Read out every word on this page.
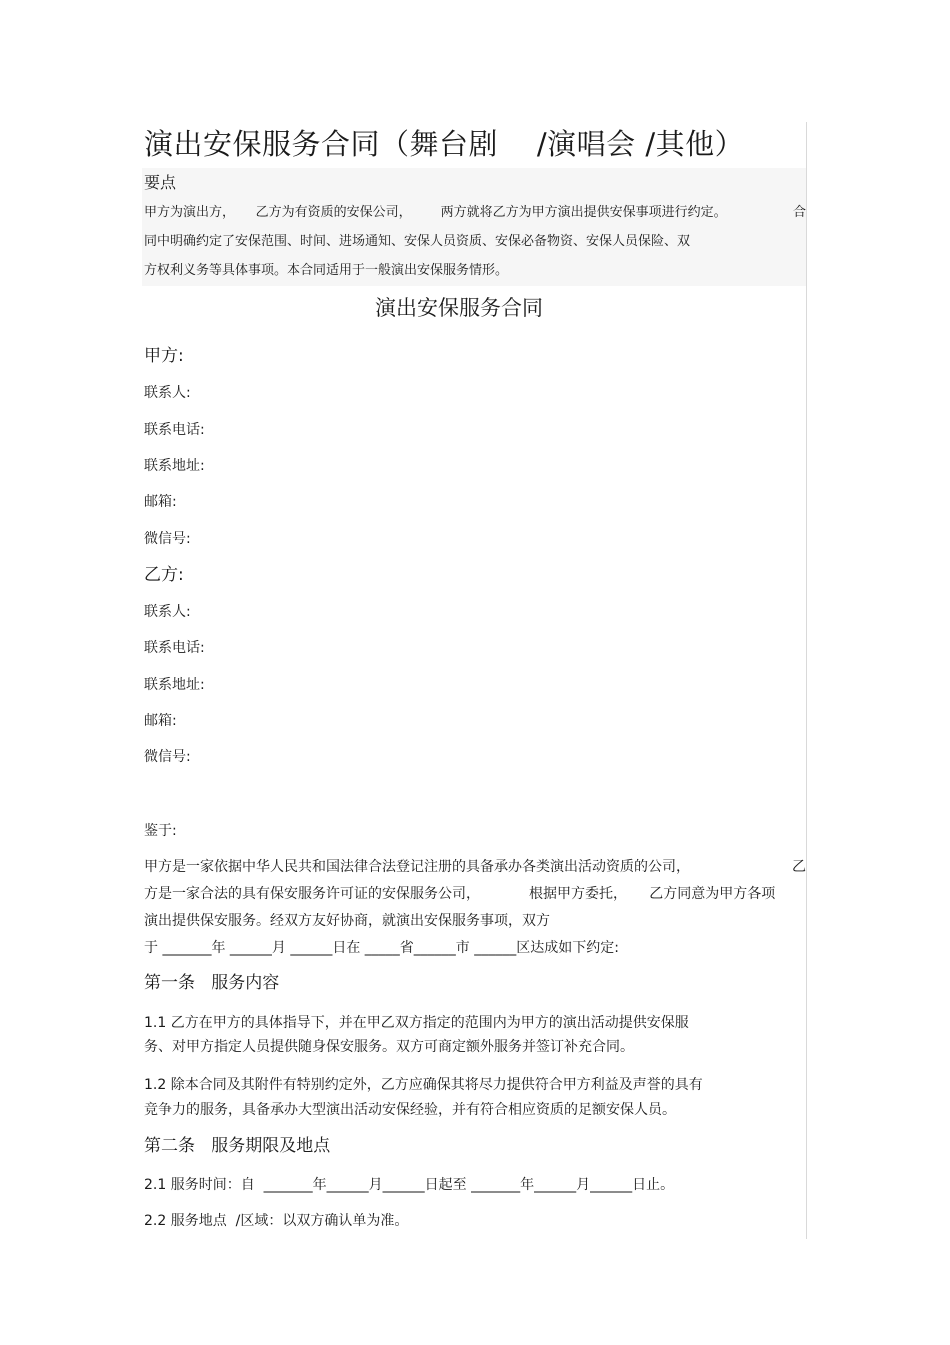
演出安保服务合同（舞台剧    /演唱会 /其他）
要点
甲方为演出方，     乙方为有资质的安保公司，       两方就将乙方为甲方演出提供安保事项进行约定。	合
同中明确约定了安保范围、时间、进场通知、安保人员资质、安保必备物资、安保人员保险、双
方权利义务等具体事项。本合同适用于一般演出安保服务情形。
演出安保服务合同
甲方:
联系人:
联系电话:
联系地址:
邮箱:
微信号:
乙方:
联系人:
联系电话:
联系地址:
邮箱:
微信号:
鉴于:
甲方是一家依据中华人民共和国法律合法登记注册的具备承办各类演出活动资质的公司，	乙
方是一家合法的具有保安服务许可证的安保服务公司，           根据甲方委托，     乙方同意为甲方各项
演出提供保安服务。经双方友好协商，就演出安保服务事项，双方
于 _______年 ______月 ______日在 _____省______市 ______区达成如下约定:
第一条   服务内容
1.1 乙方在甲方的具体指导下，并在甲乙双方指定的范围内为甲方的演出活动提供安保服
务、对甲方指定人员提供随身保安服务。双方可商定额外服务并签订补充合同。
1.2 除本合同及其附件有特别约定外，乙方应确保其将尽力提供符合甲方利益及声誉的具有
竞争力的服务，具备承办大型演出活动安保经验，并有符合相应资质的足额安保人员。
第二条   服务期限及地点
2.1 服务时间：自  _______年______月______日起至 _______年______月______日止。
2.2 服务地点  /区域：以双方确认单为准。
